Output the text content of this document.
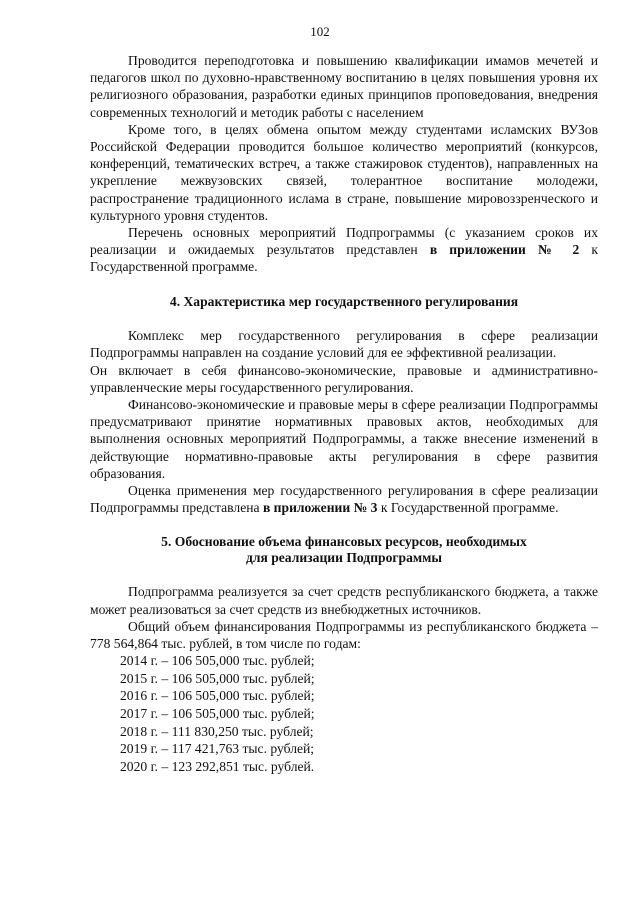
102

Проводится переподготовка и повышению квалификации имамов мечетей и педагогов школ по духовно-нравственному воспитанию в целях повышения уровня их религиозного образования, разработки единых принципов проповедования, внедрения современных технологий и методик работы с населением

Кроме того, в целях обмена опытом между студентами исламских ВУЗов Российской Федерации проводится большое количество мероприятий (конкурсов, конференций, тематических встреч, а также стажировок студентов), направленных на укрепление межвузовских связей, толерантное воспитание молодежи, распространение традиционного ислама в стране, повышение мировоззренческого и культурного уровня студентов.

Перечень основных мероприятий Подпрограммы (с указанием сроков их реализации и ожидаемых результатов представлен в приложении № 2 к Государственной программе.

4. Характеристика мер государственного регулирования

Комплекс мер государственного регулирования в сфере реализации Подпрограммы направлен на создание условий для ее эффективной реализации.

Он включает в себя финансово-экономические, правовые и административно-управленческие меры государственного регулирования.

Финансово-экономические и правовые меры в сфере реализации Подпрограммы предусматривают принятие нормативных правовых актов, необходимых для выполнения основных мероприятий Подпрограммы, а также внесение изменений в действующие нормативно-правовые акты регулирования в сфере развития образования.

Оценка применения мер государственного регулирования в сфере реализации Подпрограммы представлена в приложении № 3 к Государственной программе.

5. Обоснование объема финансовых ресурсов, необходимых
для реализации Подпрограммы

Подпрограмма реализуется за счет средств республиканского бюджета, а также может реализоваться за счет средств из внебюджетных источников.

Общий объем финансирования Подпрограммы из республиканского бюджета – 778 564,864 тыс. рублей, в том числе по годам:

2014 г. – 106 505,000 тыс. рублей;
2015 г. – 106 505,000 тыс. рублей;
2016 г. – 106 505,000 тыс. рублей;
2017 г. – 106 505,000 тыс. рублей;
2018 г. – 111 830,250 тыс. рублей;
2019 г. – 117 421,763 тыс. рублей;
2020 г. – 123 292,851 тыс. рублей.
